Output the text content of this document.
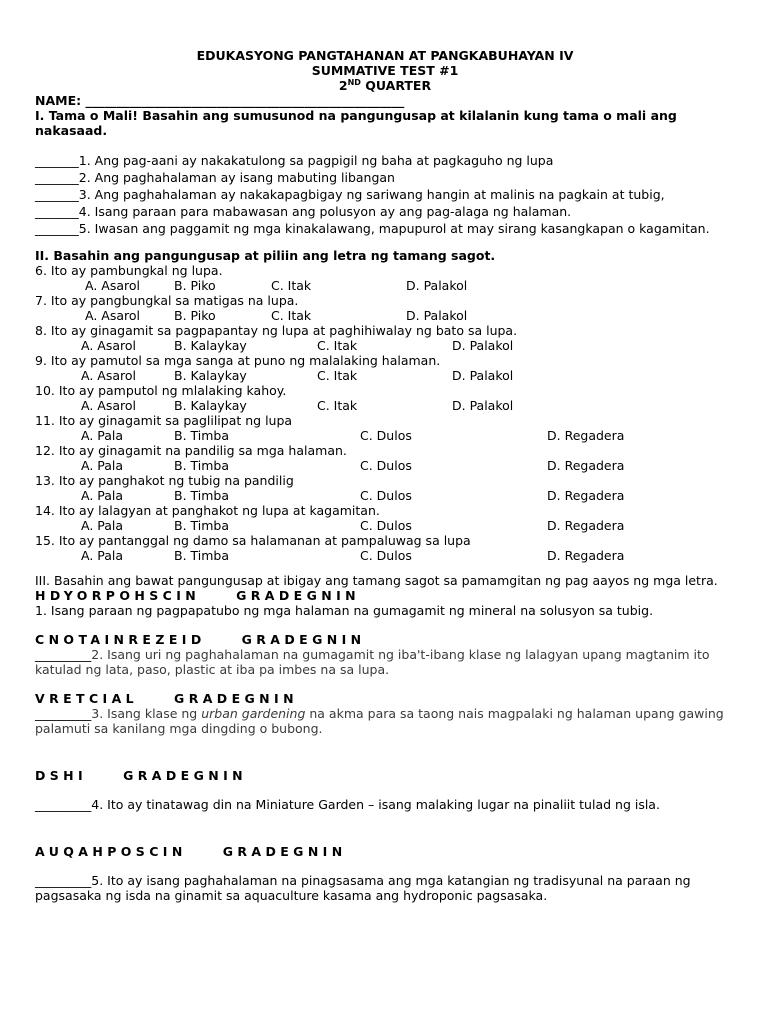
EDUKASYONG PANGTAHANAN AT PANGKABUHAYAN IV
SUMMATIVE TEST #1
2ND QUARTER
NAME: ___________________________________________________
I. Tama o Mali! Basahin ang sumusunod na pangungusap at kilalanin kung tama o mali ang nakasaad.
_______1. Ang pag-aani ay nakakatulong sa pagpigil ng baha at pagkaguho ng lupa
_______2. Ang paghahalaman ay isang mabuting libangan
_______3. Ang paghahalaman ay nakakapagbigay ng sariwang hangin at malinis na pagkain at tubig,
_______4. Isang paraan para mabawasan ang polusyon ay ang pag-alaga ng halaman.
_______5. Iwasan ang paggamit ng mga kinakalawang, mapupurol at may sirang kasangkapan o kagamitan.
II. Basahin ang pangungusap at piliin ang letra ng tamang sagot.
6. Ito ay pambungkal ng lupa.
A. Asarol	B. Piko	C. Itak	D. Palakol
7. Ito ay pangbungkal sa matigas na lupa.
A. Asarol	B. Piko	C. Itak	D. Palakol
8. Ito ay ginagamit sa pagpapantay ng lupa at paghihiwalay ng bato sa lupa.
A. Asarol	B. Kalaykay	C. Itak	D. Palakol
9. Ito ay pamutol sa mga sanga at puno ng malalaking halaman.
A. Asarol	B. Kalaykay	C. Itak	D. Palakol
10. Ito ay pamputol ng mlalaking kahoy.
A. Asarol	B. Kalaykay	C. Itak	D. Palakol
11. Ito ay ginagamit sa paglilipat ng lupa
A. Pala	B. Timba	C. Dulos	D. Regadera
12. Ito ay ginagamit na pandilig sa mga halaman.
A. Pala	B. Timba	C. Dulos	D. Regadera
13. Ito ay panghakot ng tubig na pandilig
A. Pala	B. Timba	C. Dulos	D. Regadera
14. Ito ay lalagyan at panghakot ng lupa at kagamitan.
A. Pala	B. Timba	C. Dulos	D. Regadera
15. Ito ay pantanggal ng damo sa halamanan at pampaluwag sa lupa
A. Pala	B. Timba	C. Dulos	D. Regadera
III. Basahin ang bawat pangungusap at ibigay ang tamang sagot sa pamamgitan ng pag aayos ng mga letra.
HDYORPOHSCIN	GRADEGNIN
1. Isang paraan ng pagpapatubo ng mga halaman na gumagamit ng mineral na solusyon sa tubig.
CNOTAINREZEID	GRADEGNIN
_________2. Isang uri ng paghahalaman na gumagamit ng iba't-ibang klase ng lalagyan upang magtanim ito katulad ng lata, paso, plastic at iba pa imbes na sa lupa.
VRETCIAL	GRADEGNIN
_________3. Isang klase ng urban gardening na akma para sa taong nais magpalaki ng halaman upang gawing palamuti sa kanilang mga dingding o bubong.
DSHI	GRADEGNIN
_________4. Ito ay tinatawag din na Miniature Garden – isang malaking lugar na pinaliit tulad ng isla.
AUQAHPOSCIN	GRADEGNIN
_________5. Ito ay isang paghahalaman na pinagsasama ang mga katangian ng tradisyunal na paraan ng pagsasaka ng isda na ginamit sa aquaculture kasama ang hydroponic pagsasaka.
